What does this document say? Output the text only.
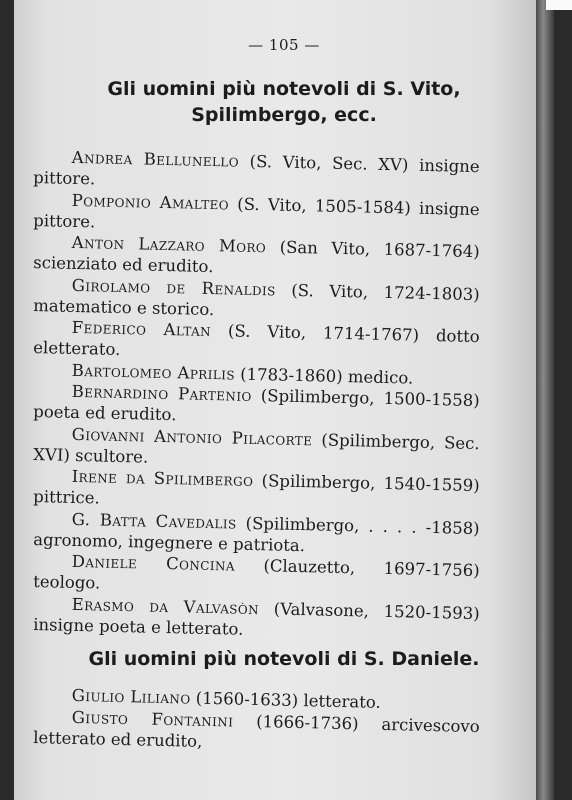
— 105 —
Gli uomini più notevoli di S. Vito,
Spilimbergo, ecc.
Andrea Bellunello (S. Vito, Sec. XV) insigne pittore.
Pomponio Amalteo (S. Vito, 1505-1584) insigne pittore.
Anton Lazzaro Moro (San Vito, 1687-1764) scienziato ed erudito.
Girolamo de Renaldis (S. Vito, 1724-1803) matematico e storico.
Federico Altan (S. Vito, 1714-1767) dotto eletterato.
Bartolomeo Aprilis (1783-1860) medico.
Bernardino Partenio (Spilimbergo, 1500-1558) poeta ed erudito.
Giovanni Antonio Pilacorte (Spilimbergo, Sec. XVI) scultore.
Irene da Spilimbergo (Spilimbergo, 1540-1559) pittrice.
G. Batta Cavedalis (Spilimbergo, . . . . -1858) agronomo, ingegnere e patriota.
Daniele Concina (Clauzetto, 1697-1756) teologo.
Erasmo da Valvasòn (Valvasone, 1520-1593) insigne poeta e letterato.
Gli uomini più notevoli di S. Daniele.
Giulio Liliano (1560-1633) letterato.
Giusto Fontanini (1666-1736) arcivescovo letterato ed erudito,
